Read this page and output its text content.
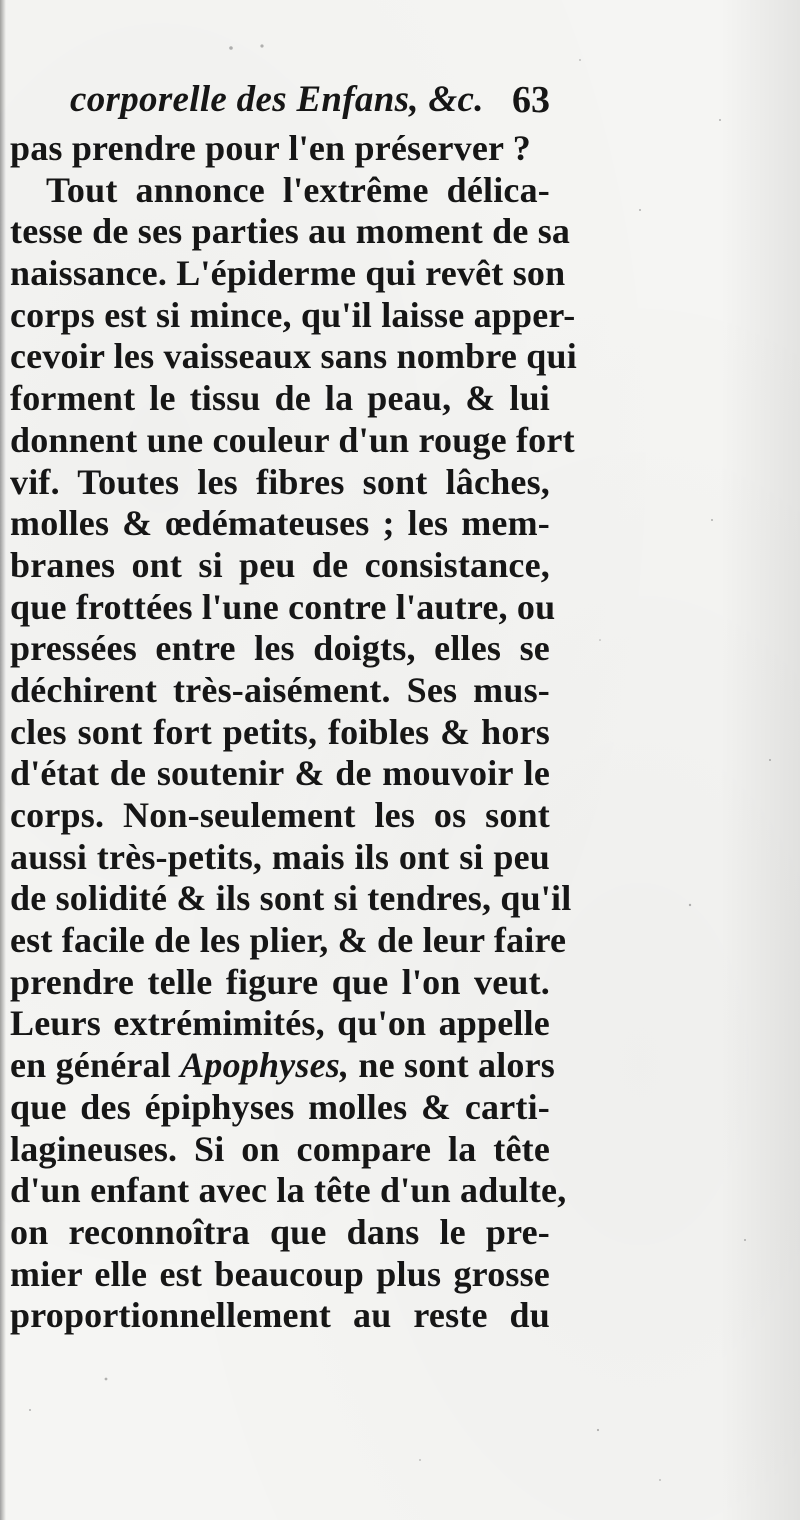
corporelle des Enfans, &c. 63
pas prendre pour l'en préserver ?
Tout annonce l'extrême délica-
tesse de ses parties au moment de sa
naissance. L'épiderme qui revêt son
corps est si mince, qu'il laisse apper-
cevoir les vaisseaux sans nombre qui
forment le tissu de la peau, & lui
donnent une couleur d'un rouge fort
vif. Toutes les fibres sont lâches,
molles & œdémateuses ; les mem-
branes ont si peu de consistance,
que frottées l'une contre l'autre, ou
pressées entre les doigts, elles se
déchirent très-aisément. Ses mus-
cles sont fort petits, foibles & hors
d'état de soutenir & de mouvoir le
corps. Non-seulement les os sont
aussi très-petits, mais ils ont si peu
de solidité & ils sont si tendres, qu'il
est facile de les plier, & de leur faire
prendre telle figure que l'on veut.
Leurs extrémimités, qu'on appelle
en général Apophyses, ne sont alors
que des épiphyses molles & carti-
lagineuses. Si on compare la tête
d'un enfant avec la tête d'un adulte,
on reconnoîtra que dans le pre-
mier elle est beaucoup plus grosse
proportionnellement au reste du
